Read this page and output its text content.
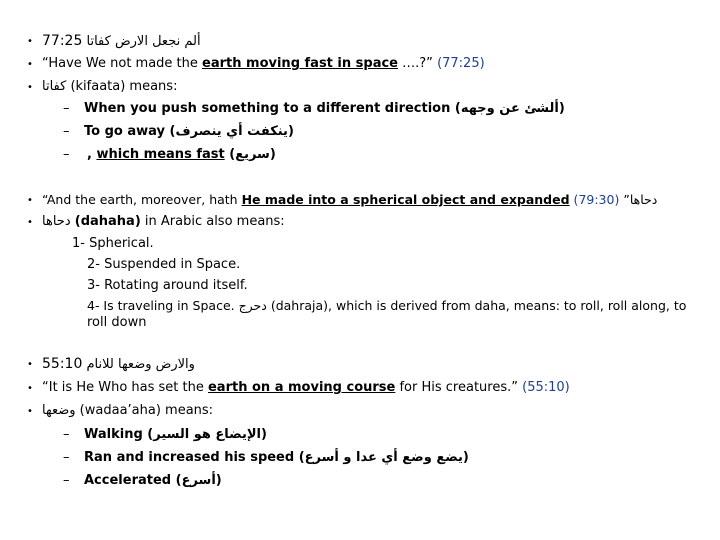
•	ألم نجعل الارض كفاتا 77:25
• “Have We not made the earth moving fast in space ….?” (77:25)
• كفاتا (kifaata) means:
– When you push something to a different direction (ألشئ عن وجهه)
– To go away (ينكفت أي ينصرف)
– , which means fast (سريع)
• “And the earth, moreover, hath He made into a spherical object and expanded	دحاها” (79:30)
• دحاها (dahaha) in Arabic also means:
1- Spherical.
2- Suspended in Space.
3- Rotating around itself.
4- Is traveling in Space. دحرج (dahraja), which is derived from daha, means: to roll, roll along, to
roll down
•	والارض وضعها للانام 55:10
• “It is He Who has set the earth on a moving course for His creatures.” (55:10)
• وضعها (wadaa’aha) means:
– Walking (الإيضاع هو السير)
– Ran and increased his speed (يضع وضع أي عدا و أسرع)
– Accelerated (أسرع)
